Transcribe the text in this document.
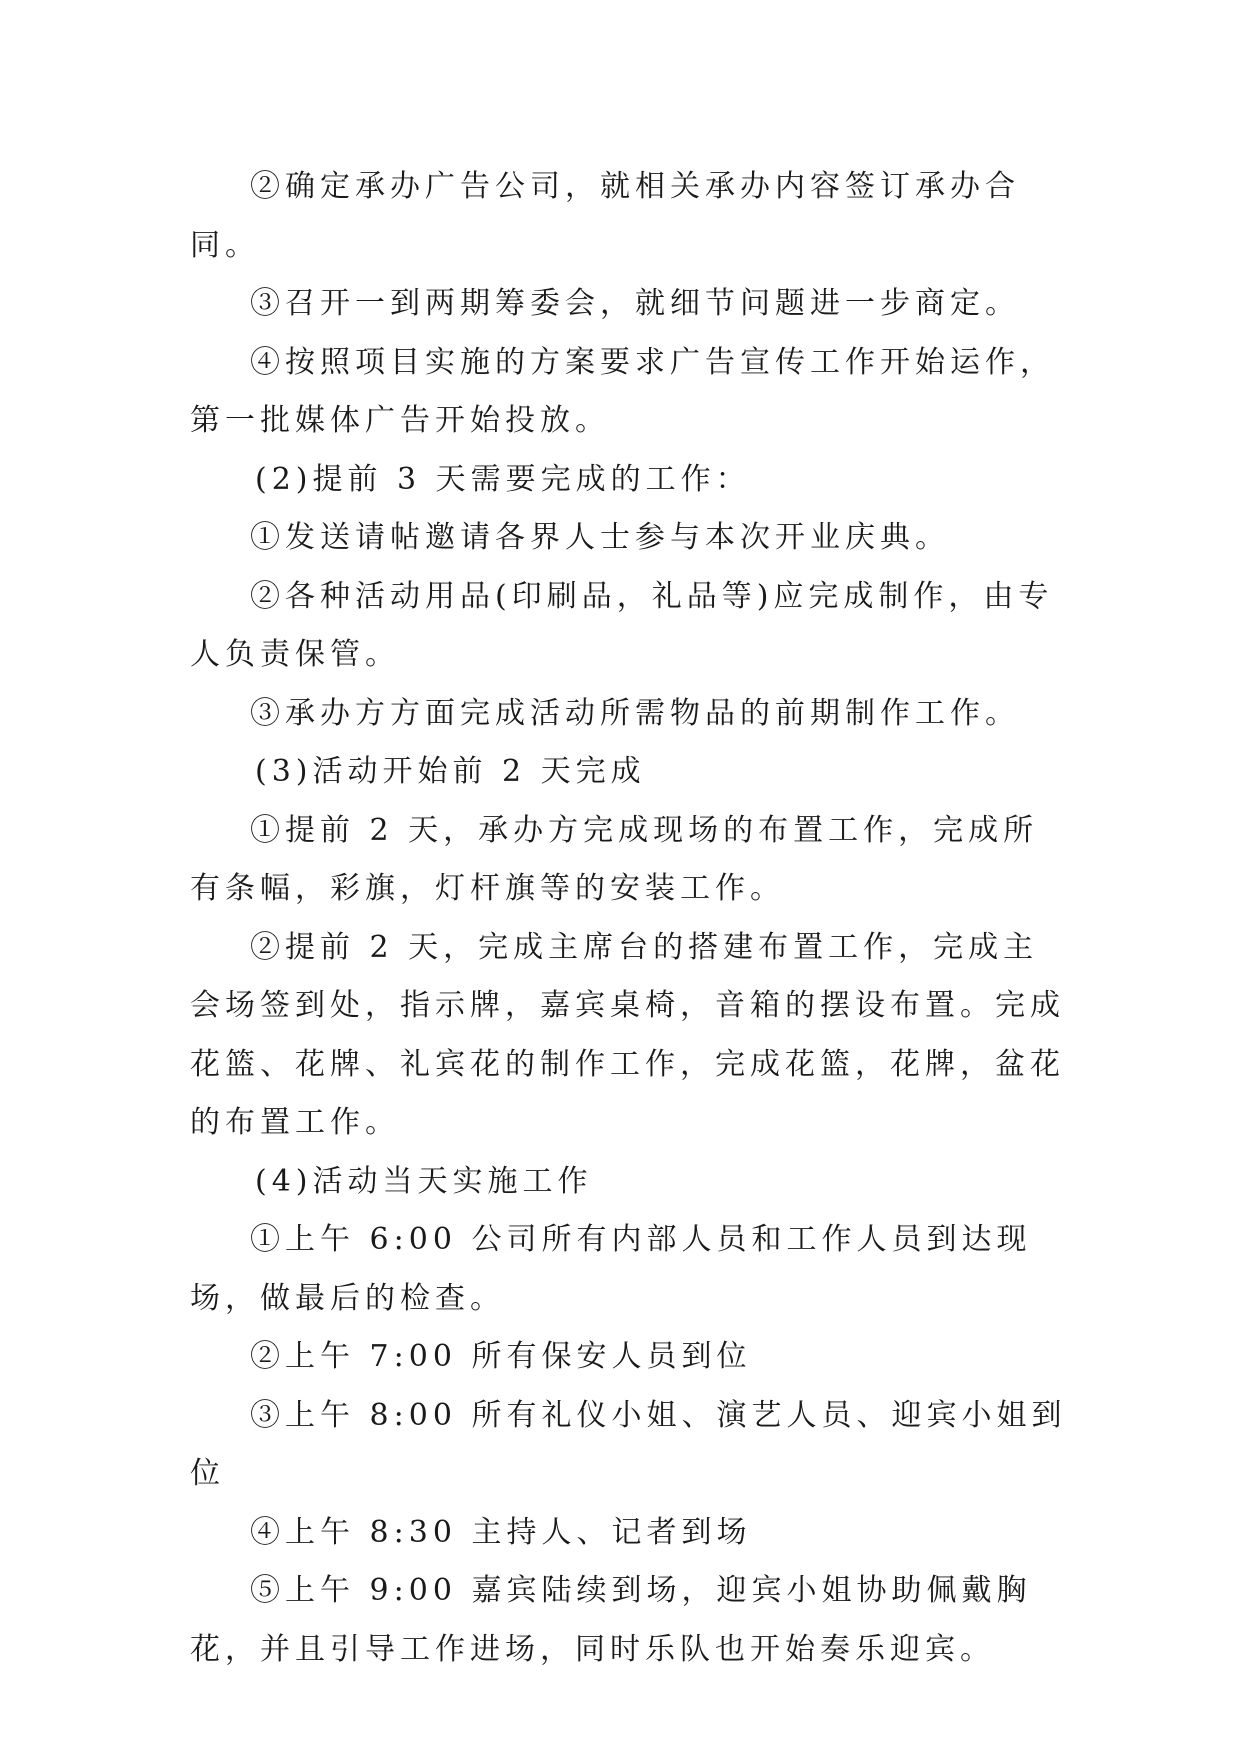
②确定承办广告公司，就相关承办内容签订承办合同。

③召开一到两期筹委会，就细节问题进一步商定。

④按照项目实施的方案要求广告宣传工作开始运作，第一批媒体广告开始投放。

(2)提前 3 天需要完成的工作：

①发送请帖邀请各界人士参与本次开业庆典。

②各种活动用品(印刷品，礼品等)应完成制作，由专人负责保管。

③承办方方面完成活动所需物品的前期制作工作。

(3)活动开始前 2 天完成

①提前 2 天，承办方完成现场的布置工作，完成所有条幅，彩旗，灯杆旗等的安装工作。

②提前 2 天，完成主席台的搭建布置工作，完成主会场签到处，指示牌，嘉宾桌椅，音箱的摆设布置。完成花篮、花牌、礼宾花的制作工作，完成花篮，花牌，盆花的布置工作。

(4)活动当天实施工作

①上午 6:00 公司所有内部人员和工作人员到达现场，做最后的检查。

②上午 7:00 所有保安人员到位

③上午 8:00 所有礼仪小姐、演艺人员、迎宾小姐到位

④上午 8:30 主持人、记者到场

⑤上午 9:00 嘉宾陆续到场，迎宾小姐协助佩戴胸花，并且引导工作进场，同时乐队也开始奏乐迎宾。
